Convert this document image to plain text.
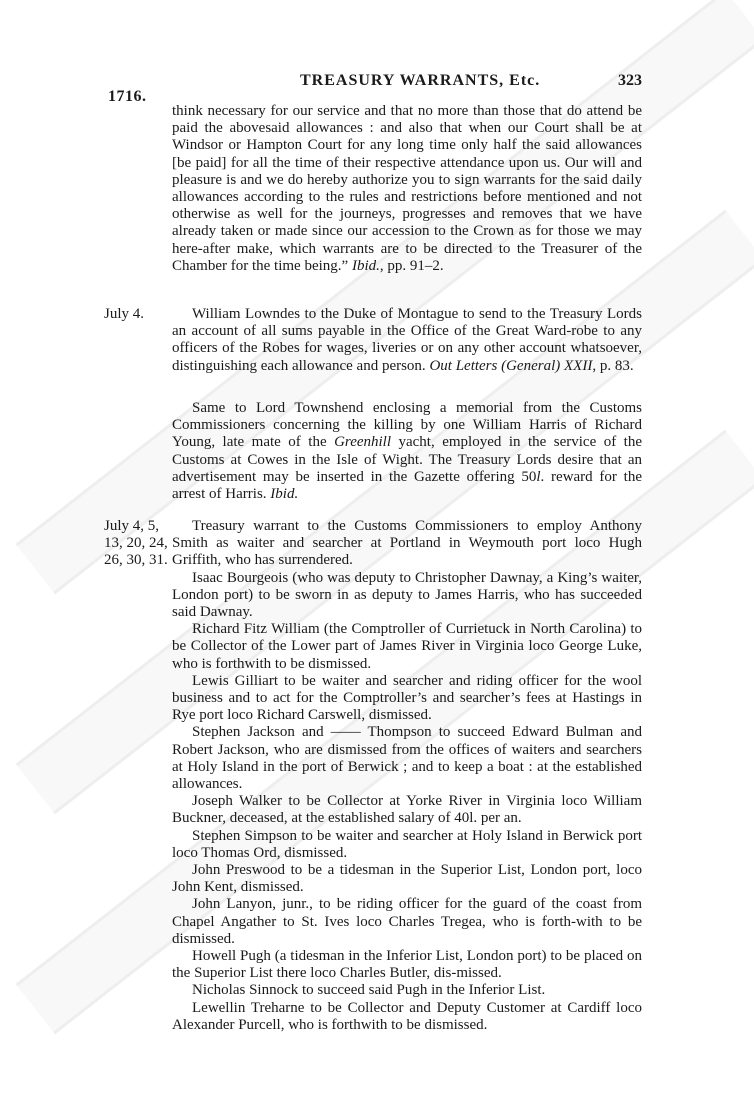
1716.
TREASURY WARRANTS, Etc.	323
think necessary for our service and that no more than those that do attend be paid the abovesaid allowances : and also that when our Court shall be at Windsor or Hampton Court for any long time only half the said allowances [be paid] for all the time of their respective attendance upon us. Our will and pleasure is and we do hereby authorize you to sign warrants for the said daily allowances according to the rules and restrictions before mentioned and not otherwise as well for the journeys, progresses and removes that we have already taken or made since our accession to the Crown as for those we may here-after make, which warrants are to be directed to the Treasurer of the Chamber for the time being.” Ibid., pp. 91–2.
July 4.	William Lowndes to the Duke of Montague to send to the Treasury Lords an account of all sums payable in the Office of the Great Ward-robe to any officers of the Robes for wages, liveries or on any other account whatsoever, distinguishing each allowance and person. Out Letters (General) XXII, p. 83.
Same to Lord Townshend enclosing a memorial from the Customs Commissioners concerning the killing by one William Harris of Richard Young, late mate of the Greenhill yacht, employed in the service of the Customs at Cowes in the Isle of Wight. The Treasury Lords desire that an advertisement may be inserted in the Gazette offering 50l. reward for the arrest of Harris. Ibid.
July 4, 5,
13, 20, 24,
26, 30, 31.
Treasury warrant to the Customs Commissioners to employ Anthony Smith as waiter and searcher at Portland in Weymouth port loco Hugh Griffith, who has surrendered.
Isaac Bourgeois (who was deputy to Christopher Dawnay, a King’s waiter, London port) to be sworn in as deputy to James Harris, who has succeeded said Dawnay.
Richard Fitz William (the Comptroller of Currietuck in North Carolina) to be Collector of the Lower part of James River in Virginia loco George Luke, who is forthwith to be dismissed.
Lewis Gilliart to be waiter and searcher and riding officer for the wool business and to act for the Comptroller’s and searcher’s fees at Hastings in Rye port loco Richard Carswell, dismissed.
Stephen Jackson and —— Thompson to succeed Edward Bulman and Robert Jackson, who are dismissed from the offices of waiters and searchers at Holy Island in the port of Berwick ; and to keep a boat : at the established allowances.
Joseph Walker to be Collector at Yorke River in Virginia loco William Buckner, deceased, at the established salary of 40l. per an.
Stephen Simpson to be waiter and searcher at Holy Island in Berwick port loco Thomas Ord, dismissed.
John Preswood to be a tidesman in the Superior List, London port, loco John Kent, dismissed.
John Lanyon, junr., to be riding officer for the guard of the coast from Chapel Angather to St. Ives loco Charles Tregea, who is forth-with to be dismissed.
Howell Pugh (a tidesman in the Inferior List, London port) to be placed on the Superior List there loco Charles Butler, dis-missed.
Nicholas Sinnock to succeed said Pugh in the Inferior List.
Lewellin Treharne to be Collector and Deputy Customer at Cardiff loco Alexander Purcell, who is forthwith to be dismissed.
